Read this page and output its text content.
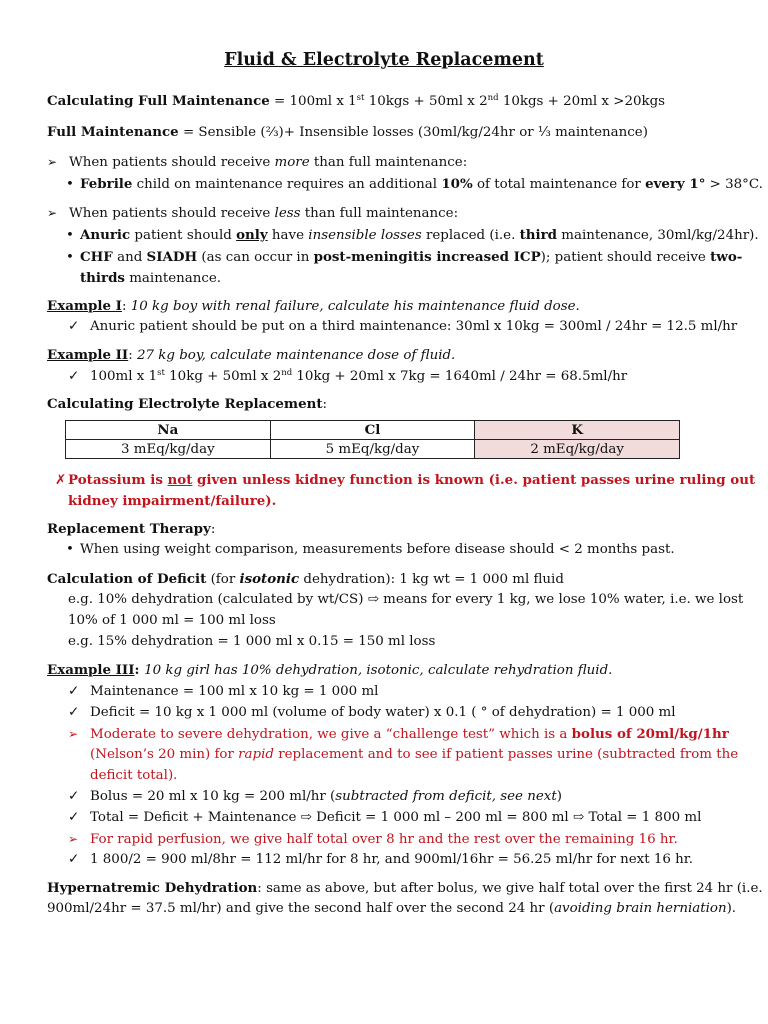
Fluid & Electrolyte Replacement
Calculating Full Maintenance = 100ml x 1st 10kgs + 50ml x 2nd 10kgs + 20ml x >20kgs
Full Maintenance = Sensible (⅔)+ Insensible losses (30ml/kg/24hr or ⅓ maintenance)
➢ When patients should receive more than full maintenance:
• Febrile child on maintenance requires an additional 10% of total maintenance for every 1° > 38°C.
➢ When patients should receive less than full maintenance:
• Anuric patient should only have insensible losses replaced (i.e. third maintenance, 30ml/kg/24hr).
• CHF and SIADH (as can occur in post-meningitis increased ICP); patient should receive two-
thirds maintenance.
Example I: 10 kg boy with renal failure, calculate his maintenance fluid dose.
✓ Anuric patient should be put on a third maintenance: 30ml x 10kg = 300ml / 24hr = 12.5 ml/hr
Example II: 27 kg boy, calculate maintenance dose of fluid.
✓ 100ml x 1st 10kg + 50ml x 2nd 10kg + 20ml x 7kg = 1640ml / 24hr = 68.5ml/hr
Calculating Electrolyte Replacement:
Na	Cl	K
3 mEq/kg/day	5 mEq/kg/day	2 mEq/kg/day
✗ Potassium is not given unless kidney function is known (i.e. patient passes urine ruling out
kidney impairment/failure).
Replacement Therapy:
• When using weight comparison, measurements before disease should < 2 months past.
Calculation of Deficit (for isotonic dehydration): 1 kg wt = 1 000 ml fluid
e.g. 10% dehydration (calculated by wt/CS) ⇨ means for every 1 kg, we lose 10% water, i.e. we lost
10% of 1 000 ml = 100 ml loss
e.g. 15% dehydration = 1 000 ml x 0.15 = 150 ml loss
Example III: 10 kg girl has 10% dehydration, isotonic, calculate rehydration fluid.
✓ Maintenance = 100 ml x 10 kg = 1 000 ml
✓ Deficit = 10 kg x 1 000 ml (volume of body water) x 0.1 ( ° of dehydration) = 1 000 ml
➢ Moderate to severe dehydration, we give a “challenge test” which is a bolus of 20ml/kg/1hr
(Nelson’s 20 min) for rapid replacement and to see if patient passes urine (subtracted from the
deficit total).
✓ Bolus = 20 ml x 10 kg = 200 ml/hr (subtracted from deficit, see next)
✓ Total = Deficit + Maintenance ⇨ Deficit = 1 000 ml – 200 ml = 800 ml ⇨ Total = 1 800 ml
➢ For rapid perfusion, we give half total over 8 hr and the rest over the remaining 16 hr.
✓ 1 800/2 = 900 ml/8hr = 112 ml/hr for 8 hr, and 900ml/16hr = 56.25 ml/hr for next 16 hr.
Hypernatremic Dehydration: same as above, but after bolus, we give half total over the first 24 hr (i.e.
900ml/24hr = 37.5 ml/hr) and give the second half over the second 24 hr (avoiding brain herniation).
